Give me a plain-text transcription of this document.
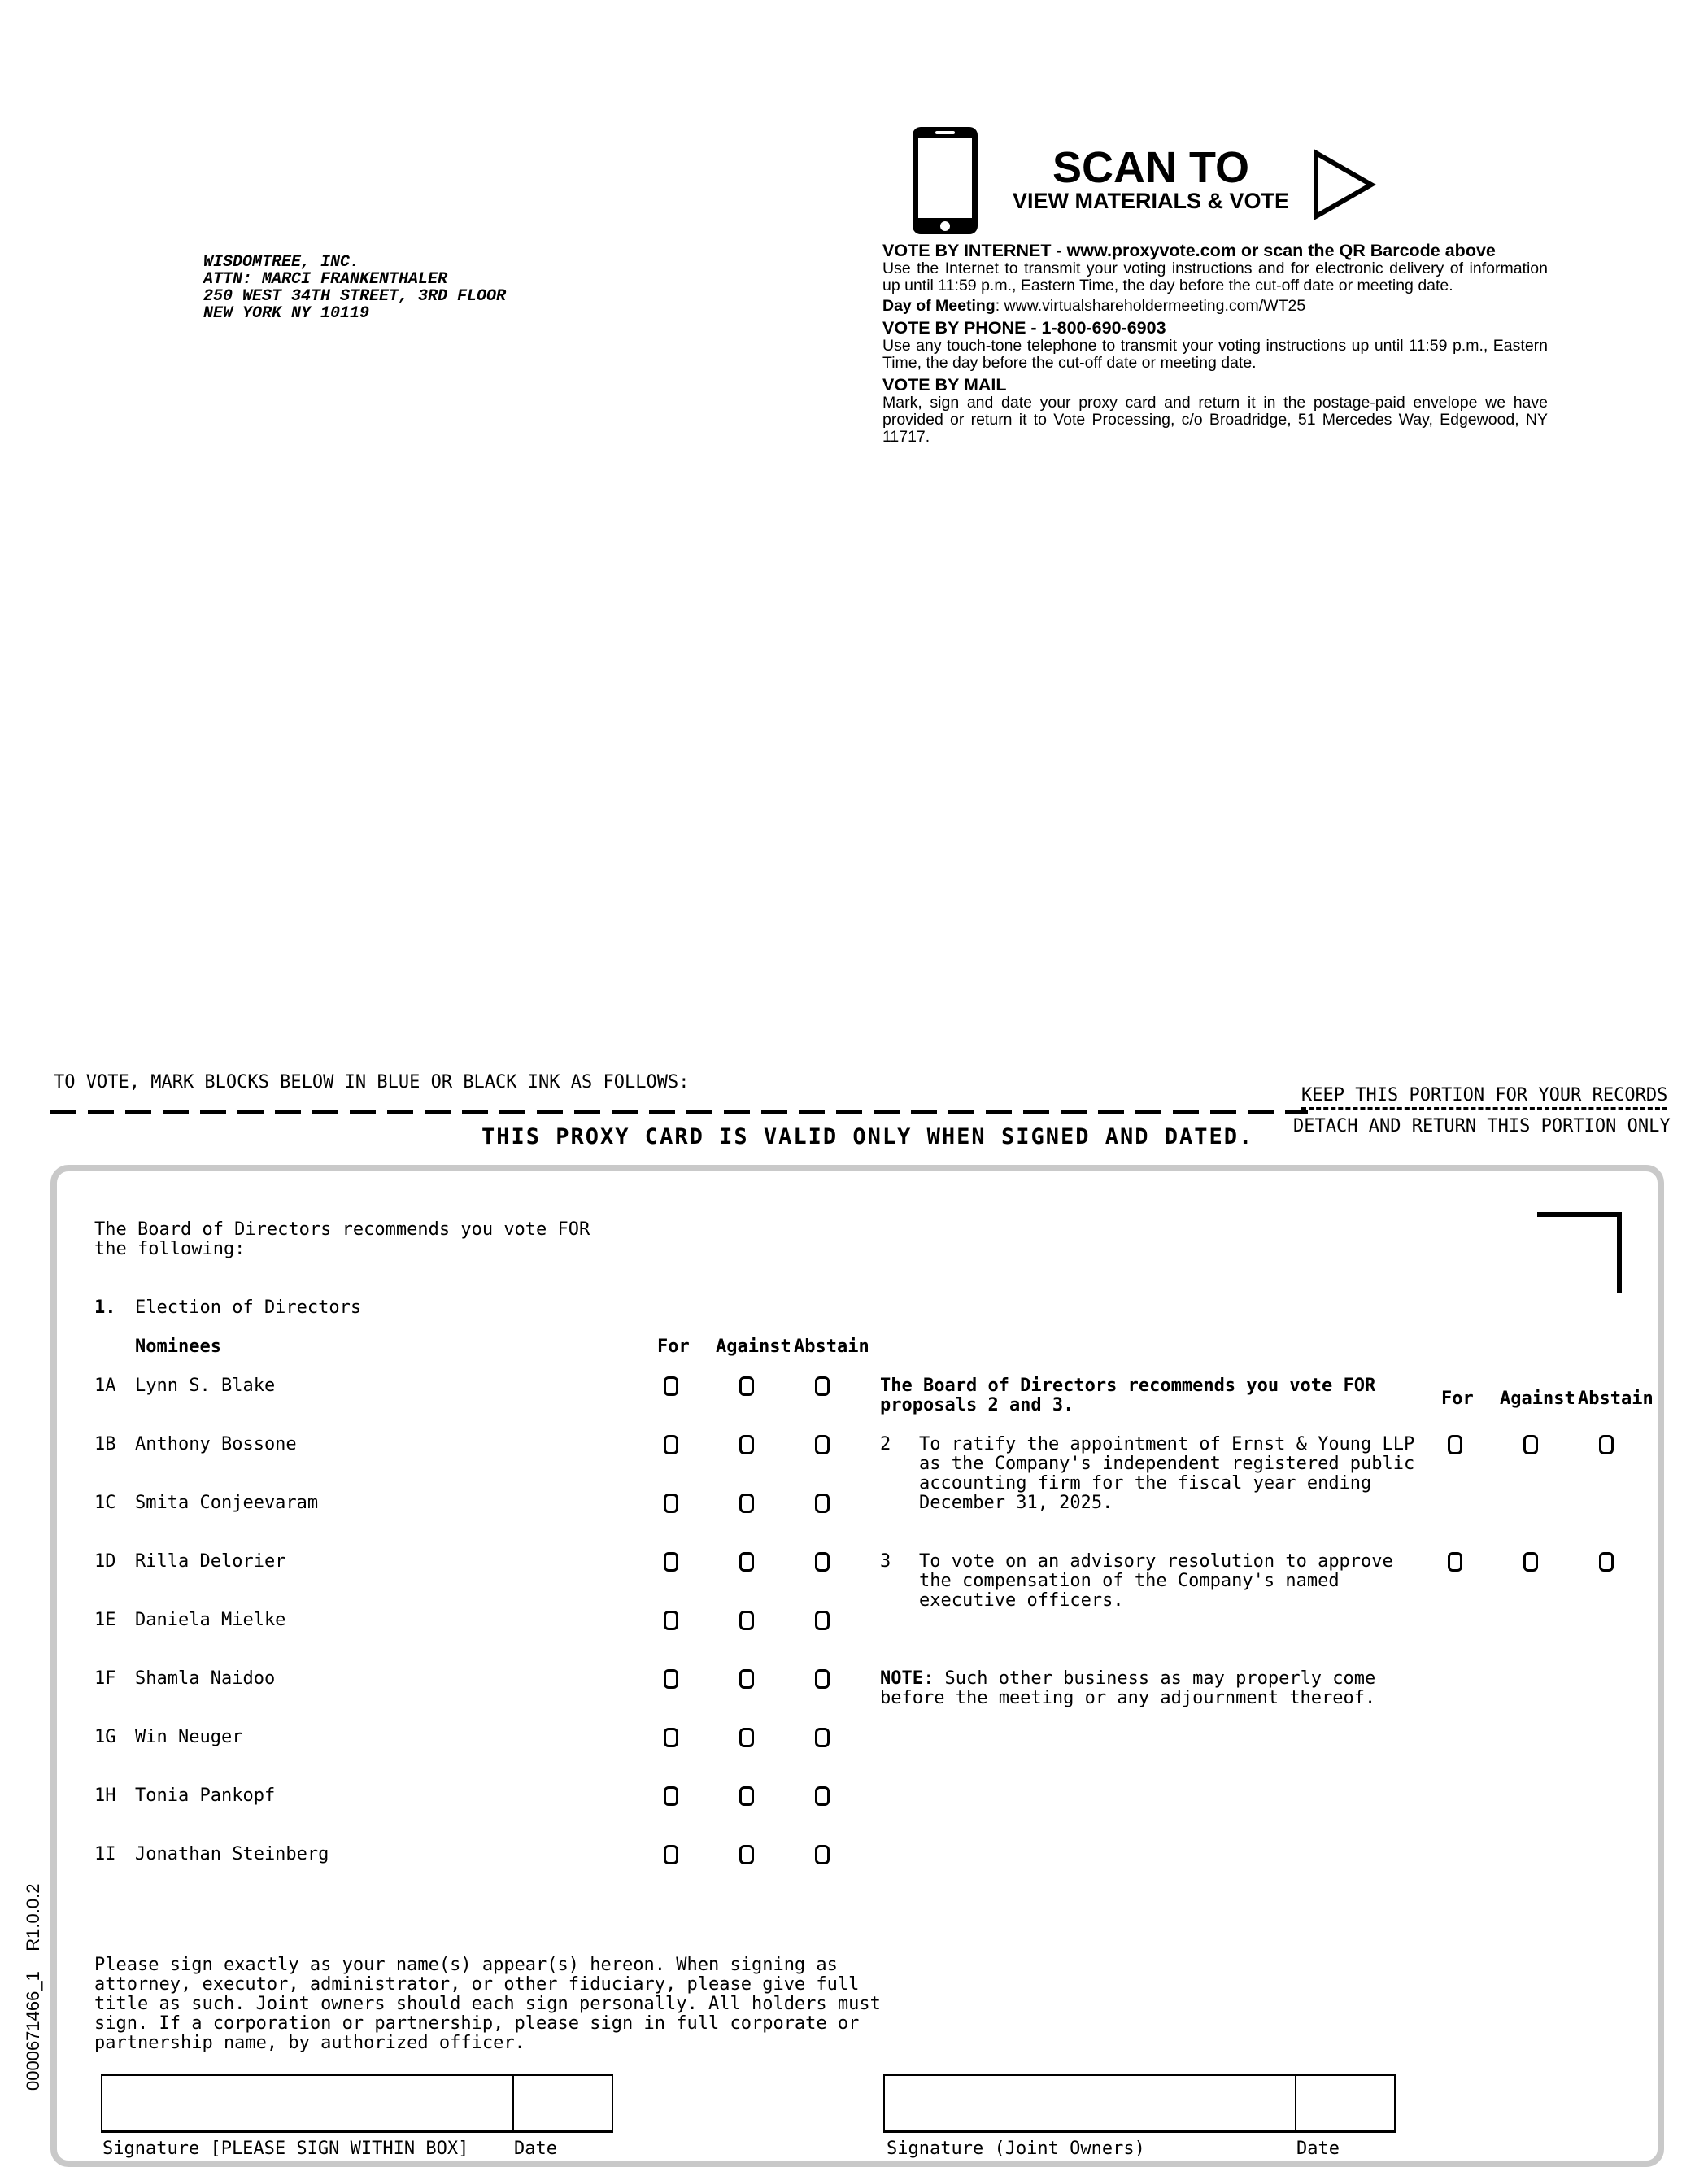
WISDOMTREE, INC.
ATTN: MARCI FRANKENTHALER
250 WEST 34TH STREET, 3RD FLOOR
NEW YORK NY 10119
SCAN TO
VIEW MATERIALS & VOTE
VOTE BY INTERNET - www.proxyvote.com or scan the QR Barcode above
Use the Internet to transmit your voting instructions and for electronic delivery of information up until 11:59 p.m., Eastern Time, the day before the cut-off date or meeting date.
Day of Meeting: www.virtualshareholdermeeting.com/WT25
VOTE BY PHONE - 1-800-690-6903
Use any touch-tone telephone to transmit your voting instructions up until 11:59 p.m., Eastern Time, the day before the cut-off date or meeting date.
VOTE BY MAIL
Mark, sign and date your proxy card and return it in the postage-paid envelope we have provided or return it to Vote Processing, c/o Broadridge, 51 Mercedes Way, Edgewood, NY 11717.
TO VOTE, MARK BLOCKS BELOW IN BLUE OR BLACK INK AS FOLLOWS:
KEEP THIS PORTION FOR YOUR RECORDS
DETACH AND RETURN THIS PORTION ONLY
THIS PROXY CARD IS VALID ONLY WHEN SIGNED AND DATED.
The Board of Directors recommends you vote FOR
the following:
1. Election of Directors
Nominees	For Against Abstain
1A Lynn S. Blake
1B Anthony Bossone
1C Smita Conjeevaram
1D Rilla Delorier
1E Daniela Mielke
1F Shamla Naidoo
1G Win Neuger
1H Tonia Pankopf
1I Jonathan Steinberg
The Board of Directors recommends you vote FOR
proposals 2 and 3.	For Against Abstain
2 To ratify the appointment of Ernst & Young LLP
as the Company's independent registered public
accounting firm for the fiscal year ending
December 31, 2025.
3 To vote on an advisory resolution to approve
the compensation of the Company's named
executive officers.
NOTE: Such other business as may properly come
before the meeting or any adjournment thereof.
Please sign exactly as your name(s) appear(s) hereon. When signing as
attorney, executor, administrator, or other fiduciary, please give full
title as such. Joint owners should each sign personally. All holders must
sign. If a corporation or partnership, please sign in full corporate or
partnership name, by authorized officer.
Signature [PLEASE SIGN WITHIN BOX]	Date	Signature (Joint Owners)	Date
0000671466_1    R1.0.0.2
